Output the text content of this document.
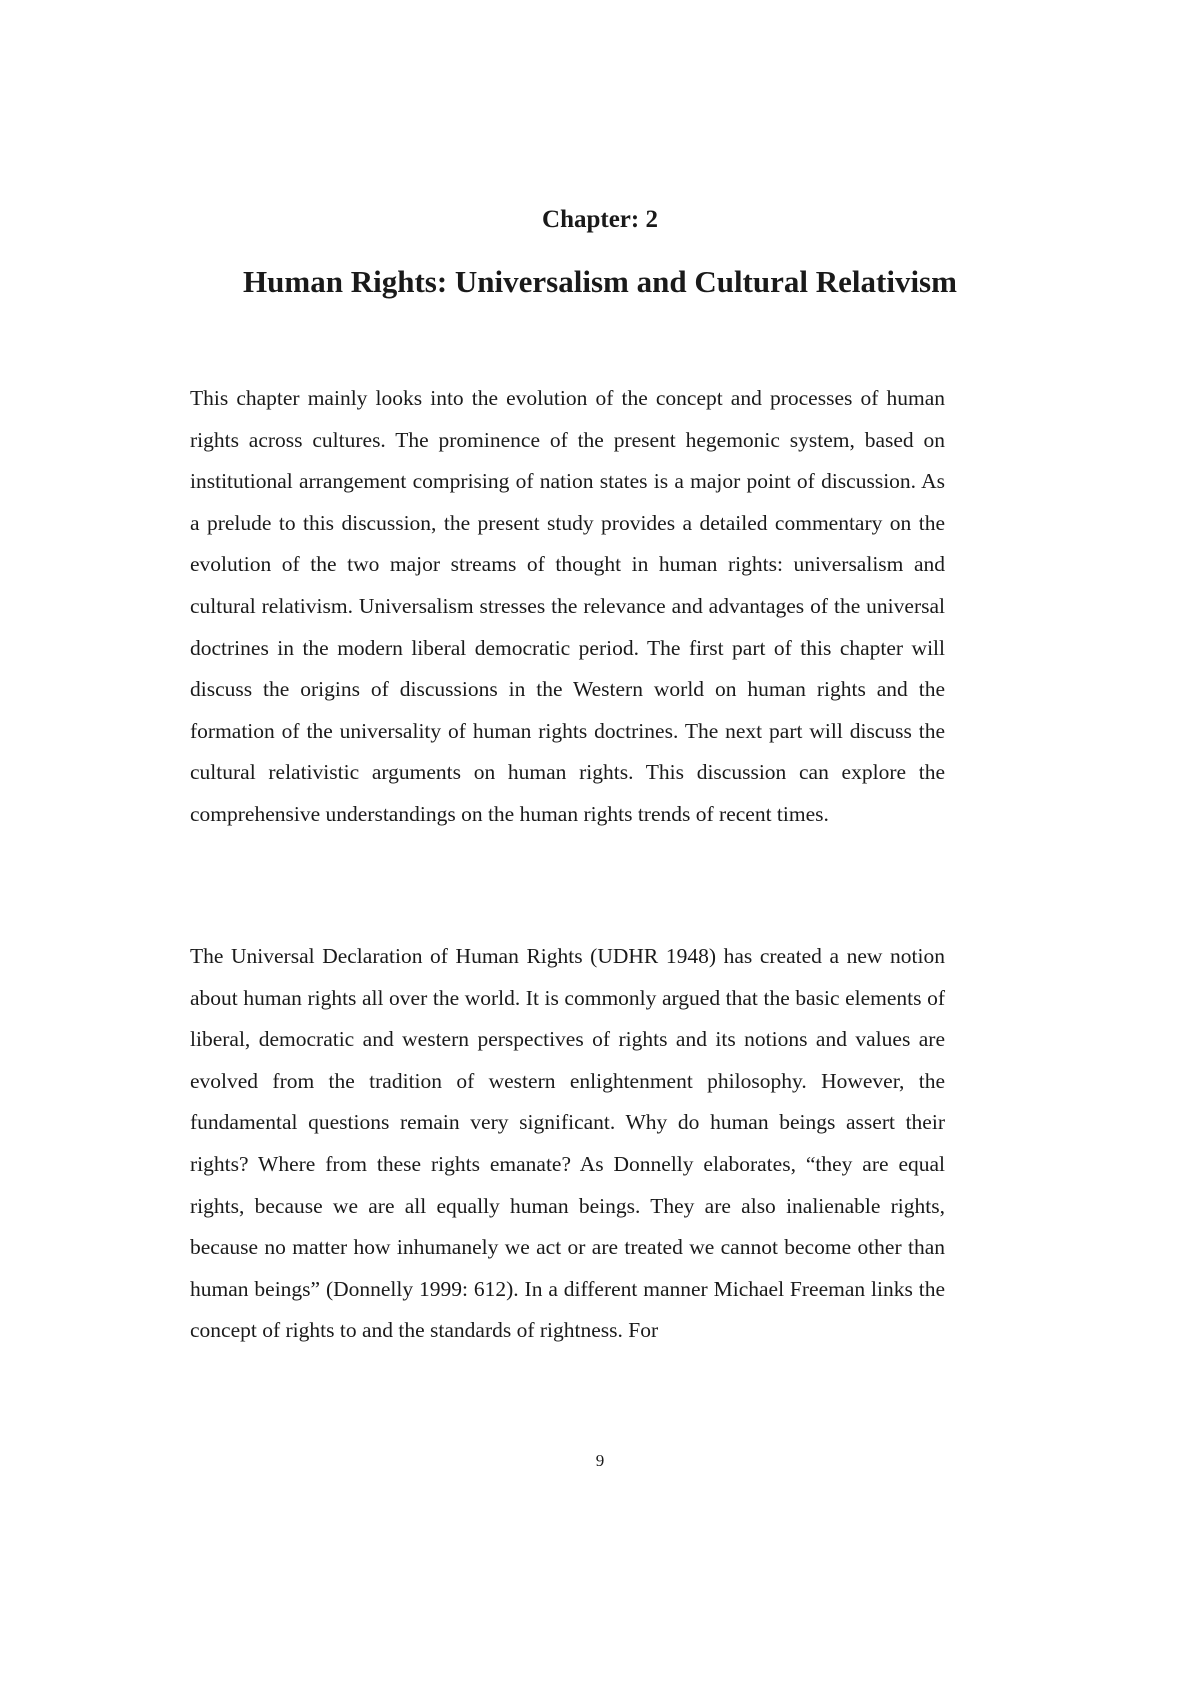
Chapter: 2
Human Rights: Universalism and Cultural Relativism

This chapter mainly looks into the evolution of the concept and processes of human rights across cultures. The prominence of the present hegemonic system, based on institutional arrangement comprising of nation states is a major point of discussion. As a prelude to this discussion, the present study provides a detailed commentary on the evolution of the two major streams of thought in human rights: universalism and cultural relativism. Universalism stresses the relevance and advantages of the universal doctrines in the modern liberal democratic period. The first part of this chapter will discuss the origins of discussions in the Western world on human rights and the formation of the universality of human rights doctrines. The next part will discuss the cultural relativistic arguments on human rights. This discussion can explore the comprehensive understandings on the human rights trends of recent times.

The Universal Declaration of Human Rights (UDHR 1948) has created a new notion about human rights all over the world. It is commonly argued that the basic elements of liberal, democratic and western perspectives of rights and its notions and values are evolved from the tradition of western enlightenment philosophy. However, the fundamental questions remain very significant. Why do human beings assert their rights? Where from these rights emanate? As Donnelly elaborates, “they are equal rights, because we are all equally human beings. They are also inalienable rights, because no matter how inhumanely we act or are treated we cannot become other than human beings” (Donnelly 1999: 612). In a different manner Michael Freeman links the concept of rights to and the standards of rightness. For

9
